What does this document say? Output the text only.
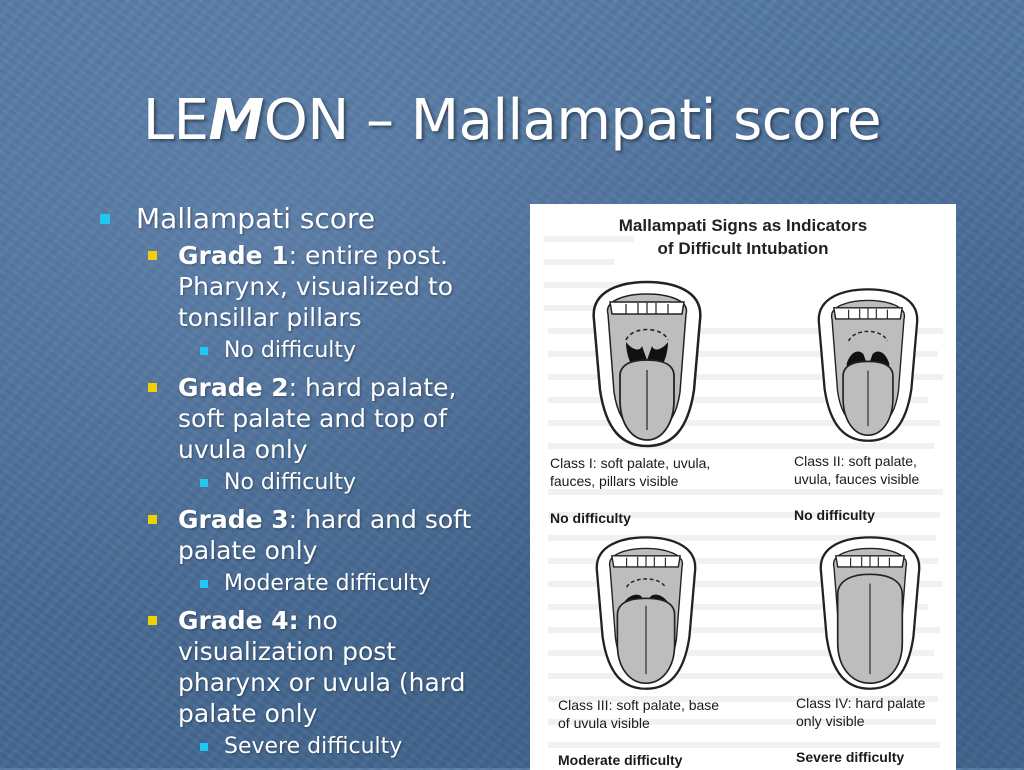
LEMON – Mallampati score
Mallampati score
Grade 1: entire post. Pharynx, visualized to tonsillar pillars
No difficulty
Grade 2: hard palate, soft palate and top of uvula only
No difficulty
Grade 3: hard and soft palate only
Moderate difficulty
Grade 4: no visualization post pharynx or uvula (hard palate only
Severe difficulty
Mallampati Signs as Indicators
of Difficult Intubation
Class I: soft palate, uvula,
fauces, pillars visible
No difficulty
Class II: soft palate,
uvula, fauces visible
No difficulty
Class III: soft palate, base
of uvula visible
Moderate difficulty
Class IV: hard palate
only visible
Severe difficulty
